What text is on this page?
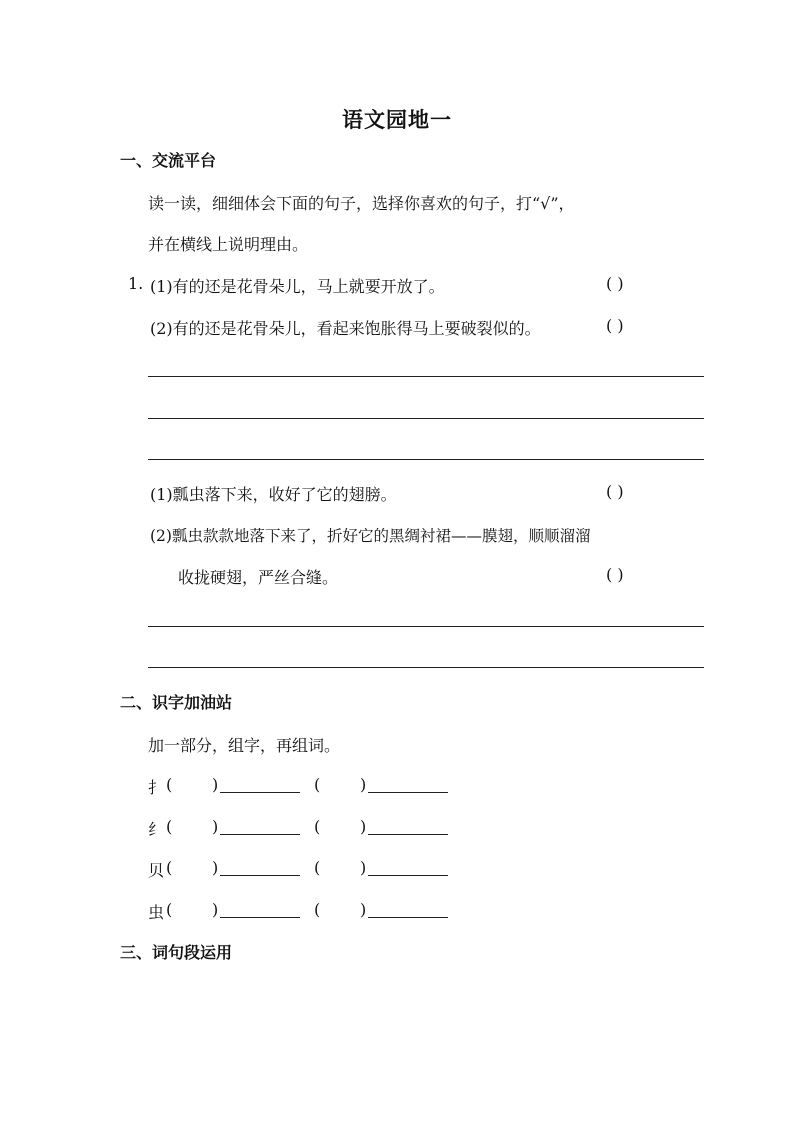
语文园地一
一、交流平台
读一读，细细体会下面的句子，选择你喜欢的句子，打“√”，
并在横线上说明理由。
1. (1)有的还是花骨朵儿，马上就要开放了。	( )
(2)有的还是花骨朵儿，看起来饱胀得马上要破裂似的。	( )
(1)瓢虫落下来，收好了它的翅膀。	( )
(2)瓢虫款款地落下来了，折好它的黑绸衬裙——膜翅，顺顺溜溜
收拢硬翅，严丝合缝。	( )
二、识字加油站
加一部分，组字，再组词。
扌 ( )	( )
纟 ( )	( )
贝 ( )	( )
虫 ( )	( )
三、词句段运用
